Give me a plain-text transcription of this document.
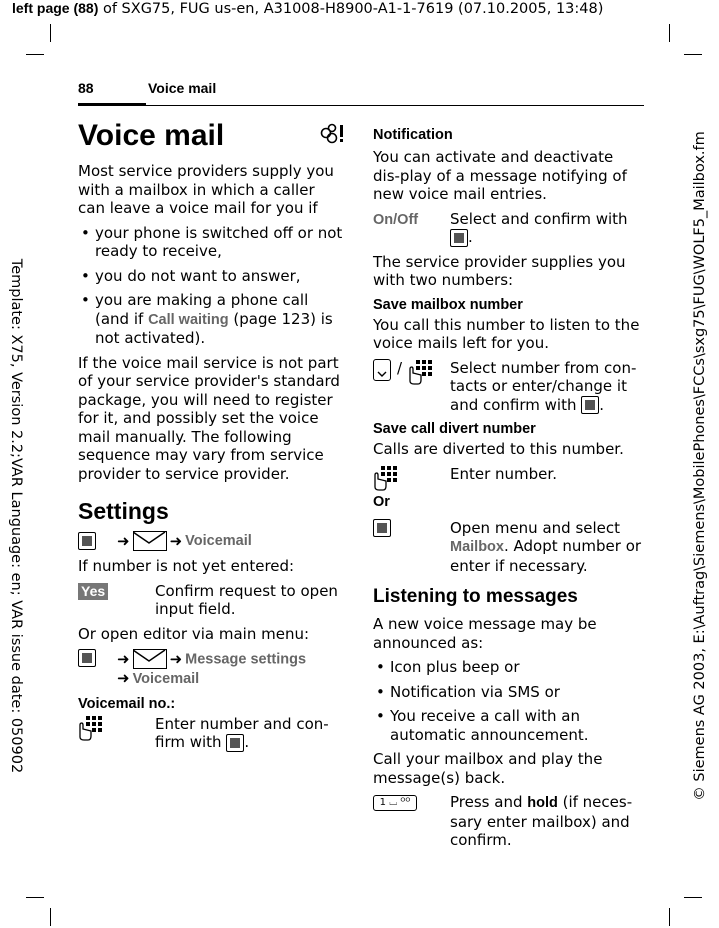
left page (88) of SXG75, FUG us-en, A31008-H8900-A1-1-7619 (07.10.2005, 13:48)
Template: X75, Version 2.2;VAR Language: en; VAR issue date: 050902	© Siemens AG 2003, E:\Auftrag\Siemens\MobilePhones\FCCs\sxg75\FUG\WOLF5_Mailbox.fm
88	Voice mail
Voice mail

Most service providers supply you with a mailbox in which a caller can leave a voice mail for you if

• your phone is switched off or not ready to receive,
• you do not want to answer,
• you are making a phone call (and if Call waiting (page 123) is not activated).

If the voice mail service is not part of your service provider's standard package, you will need to register for it, and possibly set the voice mail manually. The following sequence may vary from service provider to service provider.

Settings
➜	➜ Voicemail

If number is not yet entered:

Yes	Confirm request to open input field.

Or open editor via main menu:

➜	➜ Message settings
➜ Voicemail
Voicemail no.:
Enter number and con-firm with .
Notification

You can activate and deactivate dis-play of a message notifying of new voice mail entries.

On/Off	Select and confirm with .

The service provider supplies you with two numbers:

Save mailbox number

You call this number to listen to the voice mails left for you.

/	Select number from con-tacts or enter/change it and confirm with .
Save call divert number

Calls are diverted to this number.

Enter number.
Or
Open menu and select Mailbox. Adopt number or enter if necessary.
Listening to messages

A new voice message may be announced as:

• Icon plus beep or
• Notification via SMS or
• You receive a call with an automatic announcement.

Call your mailbox and play the message(s) back.

1 ⌴ ᴼᴼ	Press and hold (if neces-sary enter mailbox) and confirm.
